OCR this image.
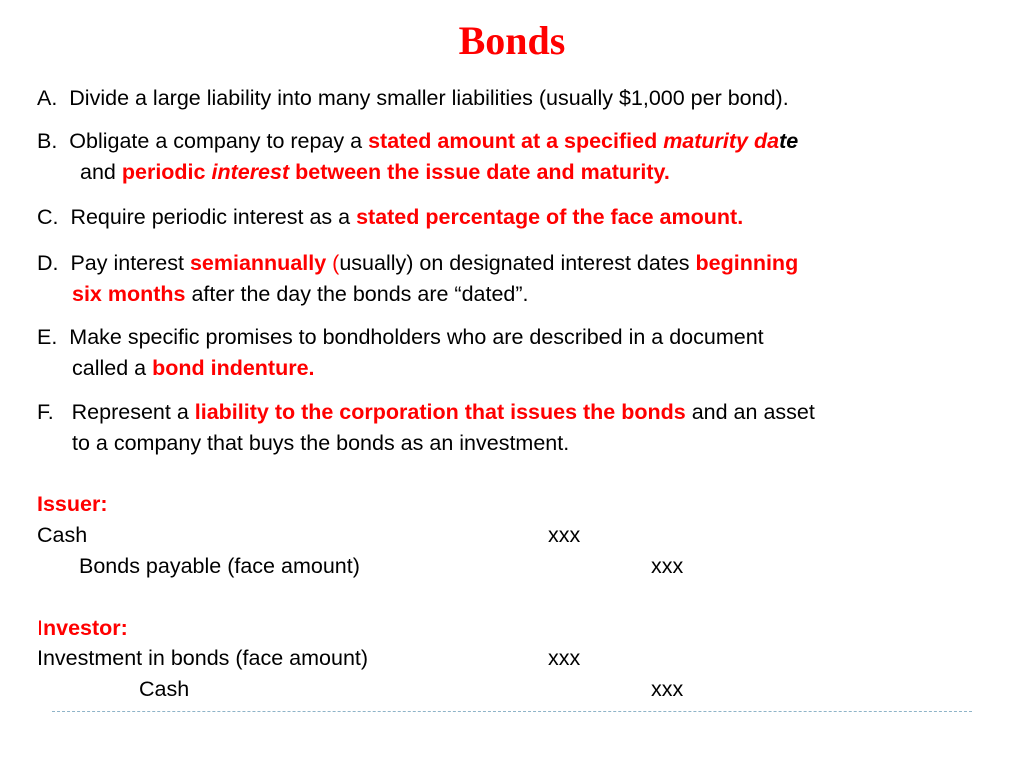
Bonds
A. Divide a large liability into many smaller liabilities (usually $1,000 per bond).
B. Obligate a company to repay a stated amount at a specified maturity date
and periodic interest between the issue date and maturity.
C. Require periodic interest as a stated percentage of the face amount.
D. Pay interest semiannually (usually) on designated interest dates beginning
six months after the day the bonds are “dated”.
E. Make specific promises to bondholders who are described in a document
called a bond indenture.
F. Represent a liability to the corporation that issues the bonds and an asset
to a company that buys the bonds as an investment.
Issuer:
Cash	xxx
Bonds payable (face amount)	xxx
Investor:
Investment in bonds (face amount)	xxx
Cash	xxx
